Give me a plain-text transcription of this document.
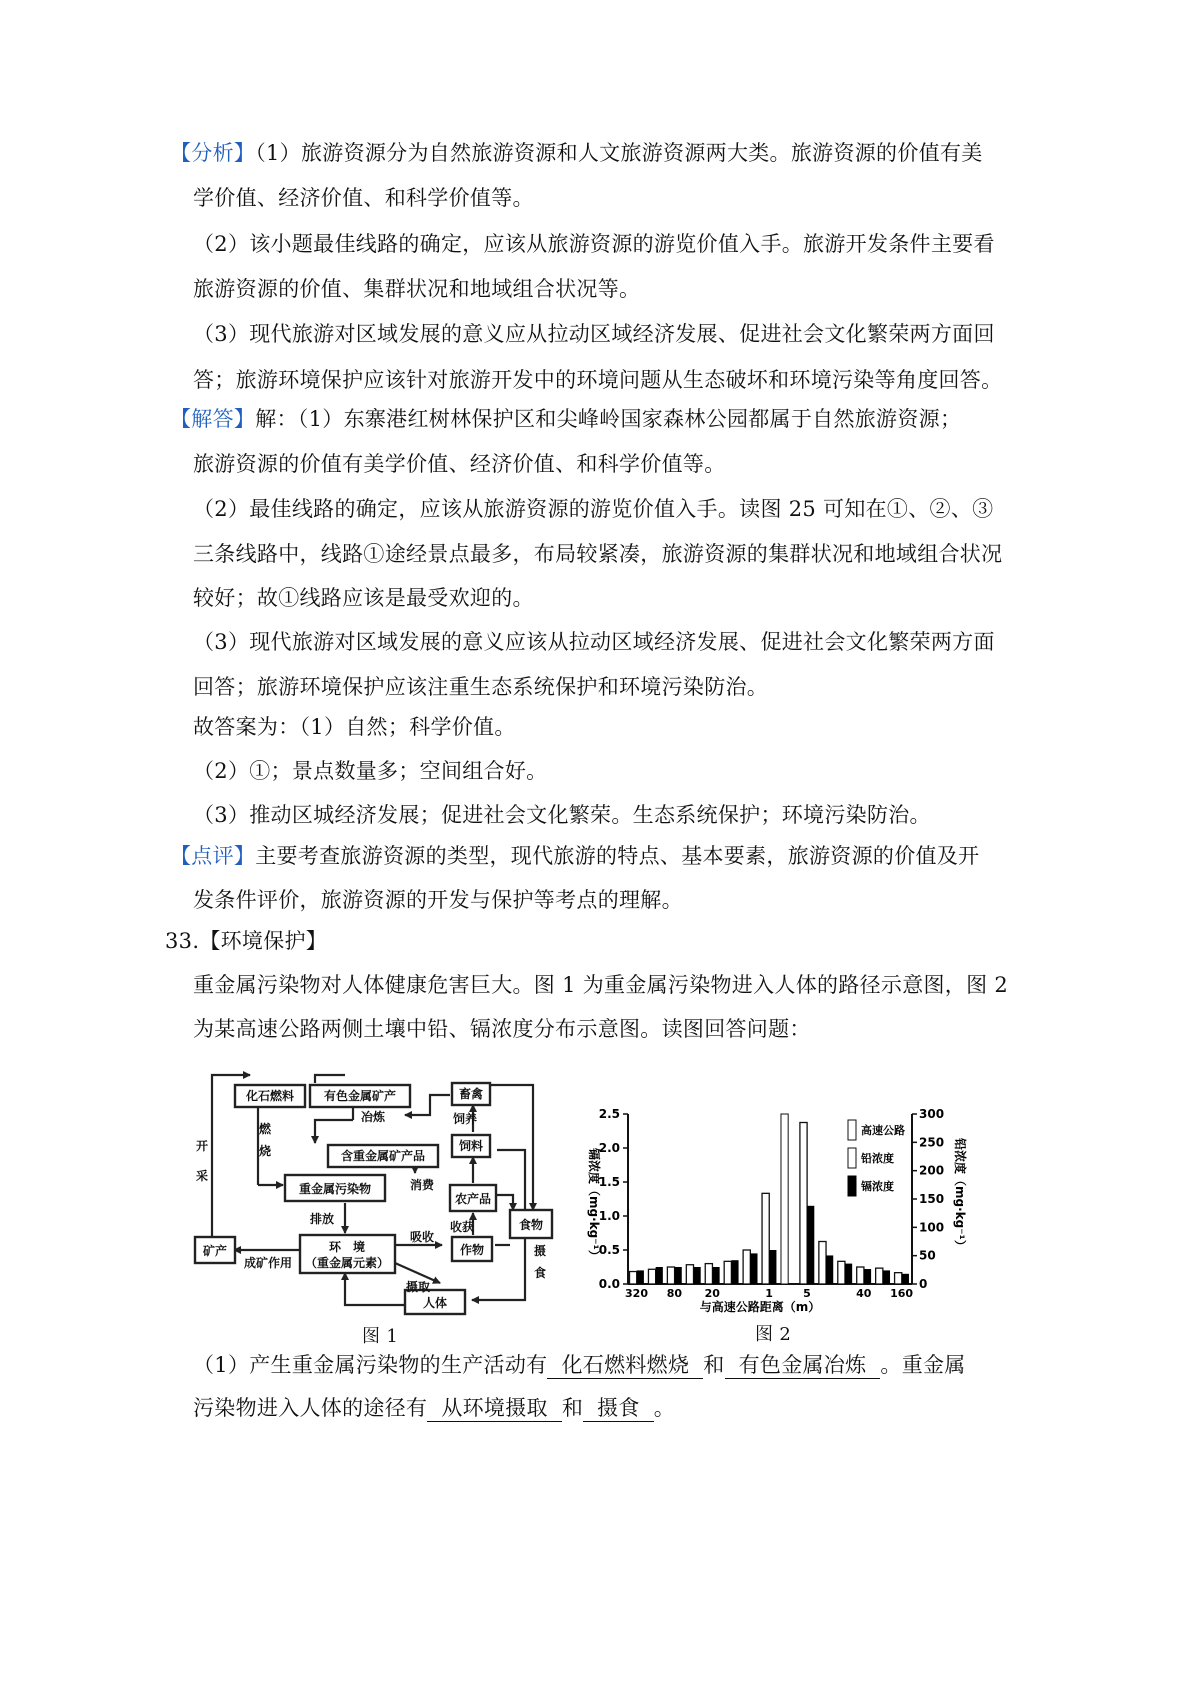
【分析】（1）旅游资源分为自然旅游资源和人文旅游资源两大类。旅游资源的价值有美
学价值、经济价值、和科学价值等。
（2）该小题最佳线路的确定，应该从旅游资源的游览价值入手。旅游开发条件主要看
旅游资源的价值、集群状况和地域组合状况等。
（3）现代旅游对区域发展的意义应从拉动区域经济发展、促进社会文化繁荣两方面回
答；旅游环境保护应该针对旅游开发中的环境问题从生态破坏和环境污染等角度回答。
【解答】解：（1）东寨港红树林保护区和尖峰岭国家森林公园都属于自然旅游资源；
旅游资源的价值有美学价值、经济价值、和科学价值等。
（2）最佳线路的确定，应该从旅游资源的游览价值入手。读图 25 可知在①、②、③
三条线路中，线路①途经景点最多，布局较紧凑，旅游资源的集群状况和地域组合状况
较好；故①线路应该是最受欢迎的。
（3）现代旅游对区域发展的意义应该从拉动区域经济发展、促进社会文化繁荣两方面
回答；旅游环境保护应该注重生态系统保护和环境污染防治。
故答案为：（1）自然；科学价值。
（2）①；景点数量多；空间组合好。
（3）推动区城经济发展；促进社会文化繁荣。生态系统保护；环境污染防治。
【点评】主要考查旅游资源的类型，现代旅游的特点、基本要素，旅游资源的价值及开
发条件评价，旅游资源的开发与保护等考点的理解。
33.【环境保护】
重金属污染物对人体健康危害巨大。图 1 为重金属污染物进入人体的路径示意图，图 2
为某高速公路两侧土壤中铅、镉浓度分布示意图。读图回答问题：
化石燃料 有色金属矿产
含重金属矿产品
重金属污染物
环　境
（重金属元素）
矿产
人体
畜禽
饲料
农产品
作物
食物
开
采
燃
烧
冶炼
消费
排放
吸收
收获
摄取
摄
食
成矿作用
饲养
图 1
0.0
0.5
1.0
1.5
2.0
2.5
0
50
100
150
200
250
300
镉浓度（mg·kg⁻¹）	铅浓度（mg·kg⁻¹）
320 80 20	1	5	40 160
与高速公路距离（m）
高速公路
铅浓度
镉浓度
图 2
（1）产生重金属污染物的生产活动有 化石燃料燃烧 和 有色金属冶炼 。重金属
污染物进入人体的途径有 从环境摄取 和 摄食 。
